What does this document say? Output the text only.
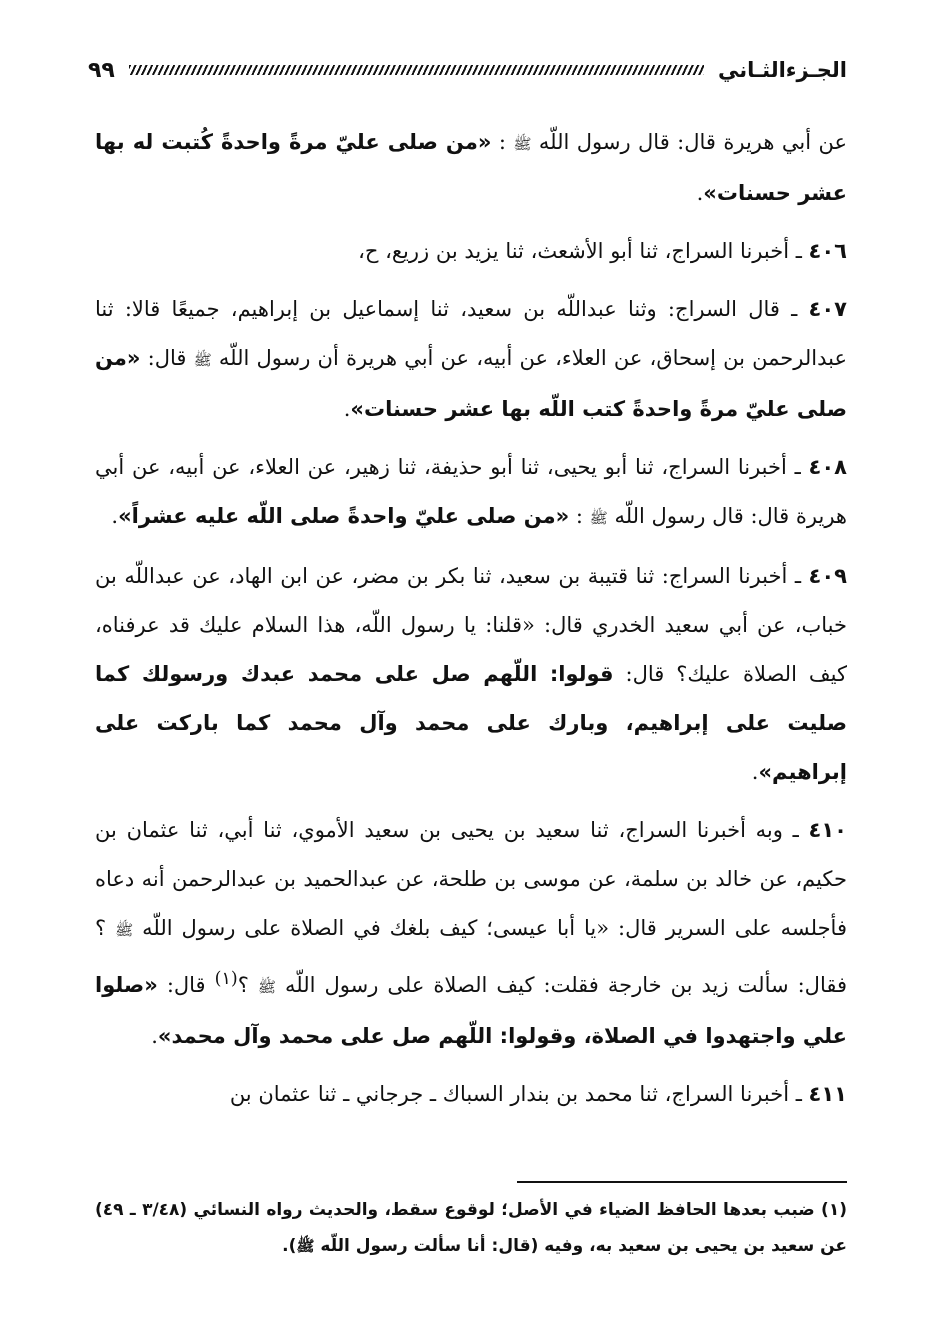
الجـزءالثـاني
٩٩

عن أبي هريرة قال: قال رسول اللّه ﷺ : «من صلى عليّ مرةً واحدةً كُتبت له بها عشر حسنات».

٤٠٦ ـ أخبرنا السراج، ثنا أبو الأشعث، ثنا يزيد بن زريع، ح،

٤٠٧ ـ قال السراج: وثنا عبداللّه بن سعيد، ثنا إسماعيل بن إبراهيم، جميعًا قالا: ثنا عبدالرحمن بن إسحاق، عن العلاء، عن أبيه، عن أبي هريرة أن رسول اللّه ﷺ قال: «من صلى عليّ مرةً واحدةً كتب اللّه بها عشر حسنات».

٤٠٨ ـ أخبرنا السراج، ثنا أبو يحيى، ثنا أبو حذيفة، ثنا زهير، عن العلاء، عن أبيه، عن أبي هريرة قال: قال رسول اللّه ﷺ : «من صلى عليّ واحدةً صلى اللّه عليه عشراً».

٤٠٩ ـ أخبرنا السراج: ثنا قتيبة بن سعيد، ثنا بكر بن مضر، عن ابن الهاد، عن عبداللّه بن خباب، عن أبي سعيد الخدري قال: «قلنا: يا رسول اللّه، هذا السلام عليك قد عرفناه، كيف الصلاة عليك؟ قال: قولوا: اللّهم صل على محمد عبدك ورسولك كما صليت على إبراهيم، وبارك على محمد وآل محمد كما باركت على إبراهيم».

٤١٠ ـ وبه أخبرنا السراج، ثنا سعيد بن يحيى بن سعيد الأموي، ثنا أبي، ثنا عثمان بن حكيم، عن خالد بن سلمة، عن موسى بن طلحة، عن عبدالحميد بن عبدالرحمن أنه دعاه فأجلسه على السرير قال: «يا أبا عيسى؛ كيف بلغك في الصلاة على رسول اللّه ﷺ ؟ فقال: سألت زيد بن خارجة فقلت: كيف الصلاة على رسول اللّه ﷺ ؟$^{(١)}$ قال: «صلوا علي واجتهدوا في الصلاة، وقولوا: اللّهم صل على محمد وآل محمد».

٤١١ ـ أخبرنا السراج، ثنا محمد بن بندار السباك ـ جرجاني ـ ثنا عثمان بن

(١) ضبب بعدها الحافظ الضياء في الأصل؛ لوقوع سقط، والحديث رواه النسائي (٣/٤٨ ـ ٤٩) عن سعيد بن يحيى بن سعيد به، وفيه (قال: أنا سألت رسول اللّه ﷺ).
